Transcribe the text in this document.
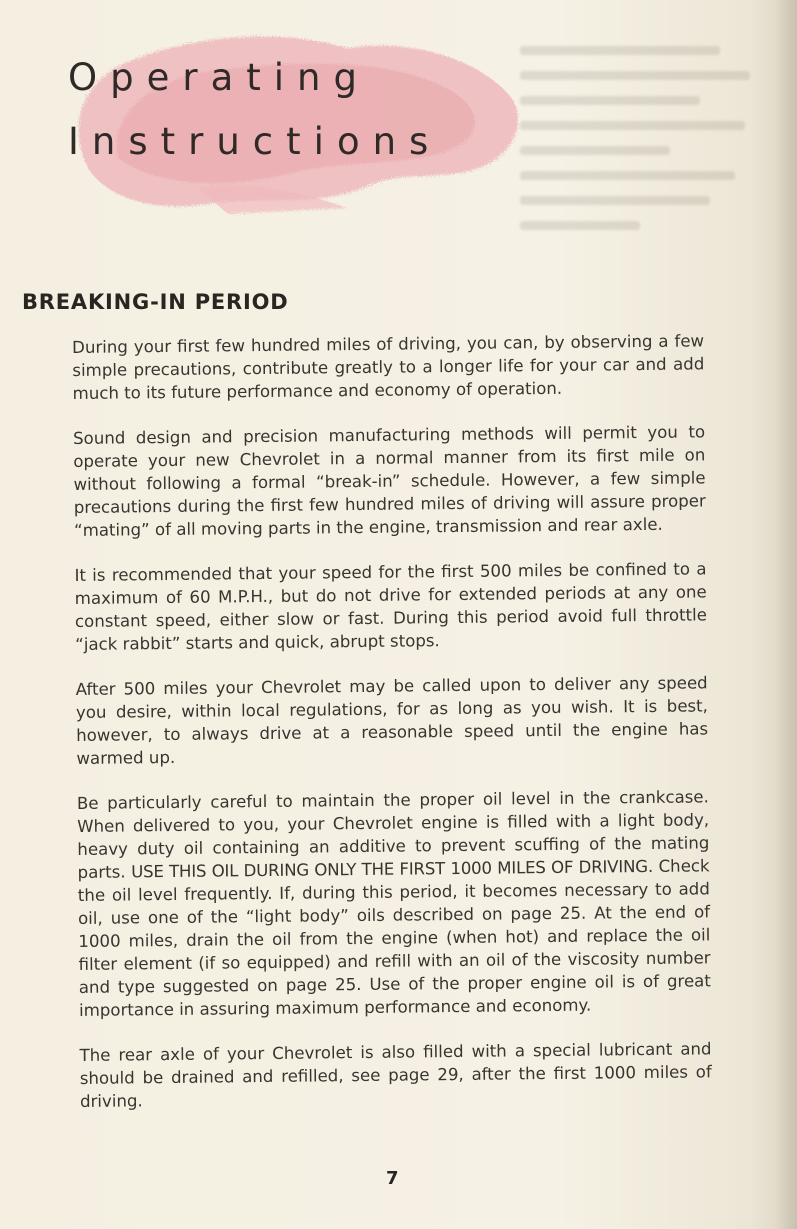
Operating
Instructions
BREAKING-IN PERIOD

During your first few hundred miles of driving, you can, by observing a few simple precautions, contribute greatly to a longer life for your car and add much to its future performance and economy of operation.

Sound design and precision manufacturing methods will permit you to operate your new Chevrolet in a normal manner from its first mile on without following a formal “break-in” schedule. However, a few simple precautions during the first few hundred miles of driving will assure proper “mating” of all moving parts in the engine, transmission and rear axle.

It is recommended that your speed for the first 500 miles be confined to a maximum of 60 M.P.H., but do not drive for extended periods at any one constant speed, either slow or fast. During this period avoid full throttle “jack rabbit” starts and quick, abrupt stops.

After 500 miles your Chevrolet may be called upon to deliver any speed you desire, within local regulations, for as long as you wish. It is best, however, to always drive at a reasonable speed until the engine has warmed up.

Be particularly careful to maintain the proper oil level in the crankcase. When delivered to you, your Chevrolet engine is filled with a light body, heavy duty oil containing an additive to prevent scuffing of the mating parts. USE THIS OIL DURING ONLY THE FIRST 1000 MILES OF DRIVING. Check the oil level frequently. If, during this period, it becomes necessary to add oil, use one of the “light body” oils described on page 25. At the end of 1000 miles, drain the oil from the engine (when hot) and replace the oil filter element (if so equipped) and refill with an oil of the viscosity number and type suggested on page 25. Use of the proper engine oil is of great importance in assuring maximum performance and economy.

The rear axle of your Chevrolet is also filled with a special lubricant and should be drained and refilled, see page 29, after the first 1000 miles of driving.

7
